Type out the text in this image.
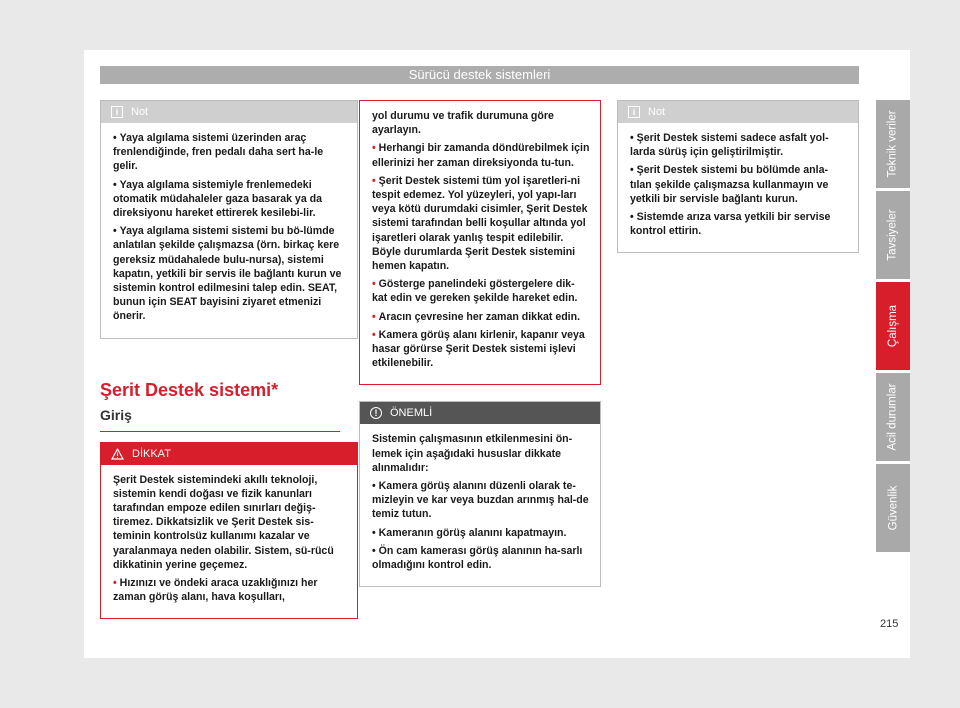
Sürücü destek sistemleri
i	Not

• Yaya algılama sistemi üzerinden araç frenlendiğinde, fren pedalı daha sert ha-le gelir.

• Yaya algılama sistemiyle frenlemedeki otomatik müdahaleler gaza basarak ya da direksiyonu hareket ettirerek kesilebi-lir.

• Yaya algılama sistemi sistemi bu bö-lümde anlatılan şekilde çalışmazsa (örn. birkaç kere gereksiz müdahalede bulu-nursa), sistemi kapatın, yetkili bir servis ile bağlantı kurun ve sistemin kontrol edilmesini talep edin. SEAT, bunun için SEAT bayisini ziyaret etmenizi önerir.

Şerit Destek sistemi*
Giriş
DİKKAT

Şerit Destek sistemindeki akıllı teknoloji, sistemin kendi doğası ve fizik kanunları tarafından empoze edilen sınırları değiş-tiremez. Dikkatsizlik ve Şerit Destek sis-teminin kontrolsüz kullanımı kazalar ve yaralanmaya neden olabilir. Sistem, sü-rücü dikkatinin yerine geçemez.

• Hızınızı ve öndeki araca uzaklığınızı her zaman görüş alanı, hava koşulları,

yol durumu ve trafik durumuna göre ayarlayın.

• Herhangi bir zamanda döndürebilmek için ellerinizi her zaman direksiyonda tu-tun.

• Şerit Destek sistemi tüm yol işaretleri-ni tespit edemez. Yol yüzeyleri, yol yapı-ları veya kötü durumdaki cisimler, Şerit Destek sistemi tarafından belli koşullar altında yol işaretleri olarak yanlış tespit edilebilir. Böyle durumlarda Şerit Destek sistemini hemen kapatın.

• Gösterge panelindeki göstergelere dik-kat edin ve gereken şekilde hareket edin.

• Aracın çevresine her zaman dikkat edin.

• Kamera görüş alanı kirlenir, kapanır veya hasar görürse Şerit Destek sistemi işlevi etkilenebilir.

!	ÖNEMLİ

Sistemin çalışmasının etkilenmesini ön-lemek için aşağıdaki hususlar dikkate alınmalıdır:

• Kamera görüş alanını düzenli olarak te-mizleyin ve kar veya buzdan arınmış hal-de temiz tutun.

• Kameranın görüş alanını kapatmayın.

• Ön cam kamerası görüş alanının ha-sarlı olmadığını kontrol edin.

i	Not

• Şerit Destek sistemi sadece asfalt yol-larda sürüş için geliştirilmiştir.

• Şerit Destek sistemi bu bölümde anla-tılan şekilde çalışmazsa kullanmayın ve yetkili bir servisle bağlantı kurun.

• Sistemde arıza varsa yetkili bir servise kontrol ettirin.

Teknik veriler
Tavsiyeler
Çalışma
Acil durumlar
Güvenlik
215
